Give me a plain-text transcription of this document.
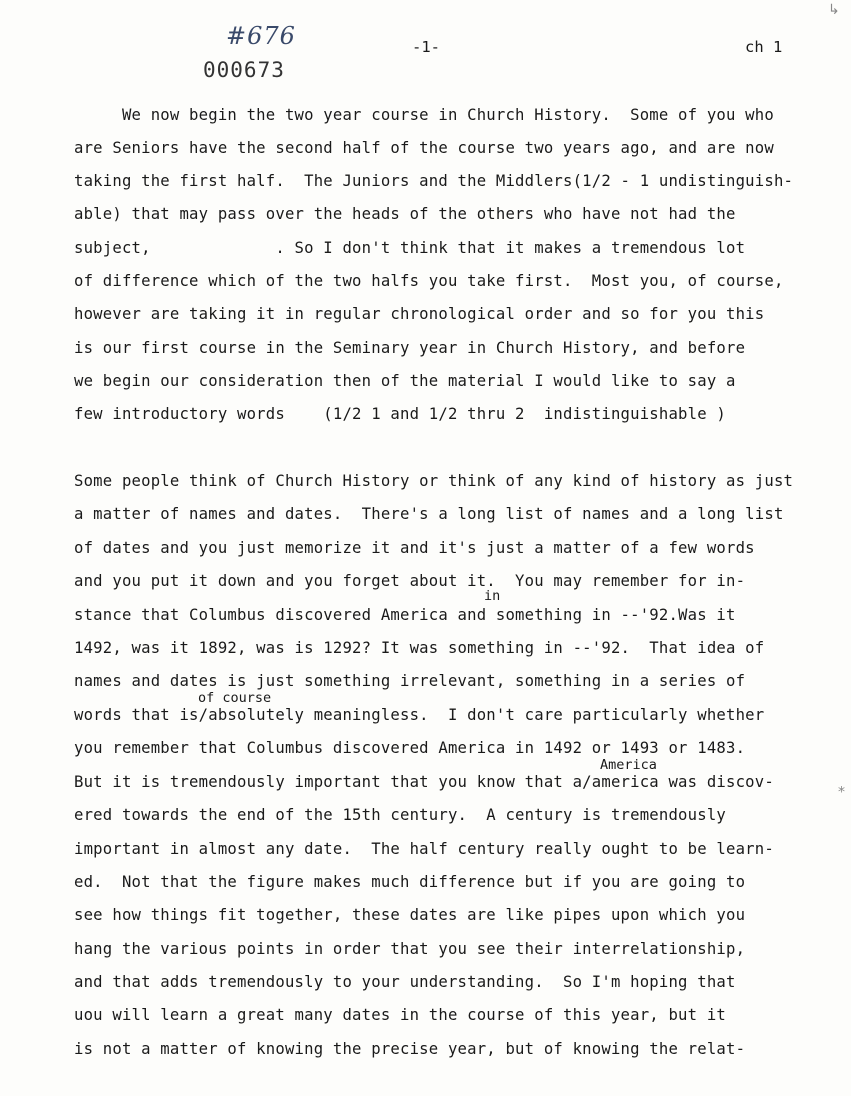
#676
000673
-1-	ch 1
We now begin the two year course in Church History.  Some of you who
are Seniors have the second half of the course two years ago, and are now
taking the first half.  The Juniors and the Middlers(1/2 - 1 undistinguish-
able) that may pass over the heads of the others who have not had the
subject,             . So I don't think that it makes a tremendous lot
of difference which of the two halfs you take first.  Most you, of course,
however are taking it in regular chronological order and so for you this
is our first course in the Seminary year in Church History, and before
we begin our consideration then of the material I would like to say a
few introductory words    (1/2 1 and 1/2 thru 2  indistinguishable )
Some people think of Church History or think of any kind of history as just
a matter of names and dates.  There's a long list of names and a long list
of dates and you just memorize it and it's just a matter of a few words
and you put it down and you forget about it.  You may remember for in-
in
stance that Columbus discovered America and something in --'92.Was it
1492, was it 1892, was is 1292? It was something in --'92.  That idea of
names and dates is just something irrelevant, something in a series of
of course
words that is/absolutely meaningless.  I don't care particularly whether
you remember that Columbus discovered America in 1492 or 1493 or 1483.
America
But it is tremendously important that you know that a/america was discov-
ered towards the end of the 15th century.  A century is tremendously
important in almost any date.  The half century really ought to be learn-
ed.  Not that the figure makes much difference but if you are going to
see how things fit together, these dates are like pipes upon which you
hang the various points in order that you see their interrelationship,
and that adds tremendously to your understanding.  So I'm hoping that
uou will learn a great many dates in the course of this year, but it
is not a matter of knowing the precise year, but of knowing the relat-
↳
⁎
